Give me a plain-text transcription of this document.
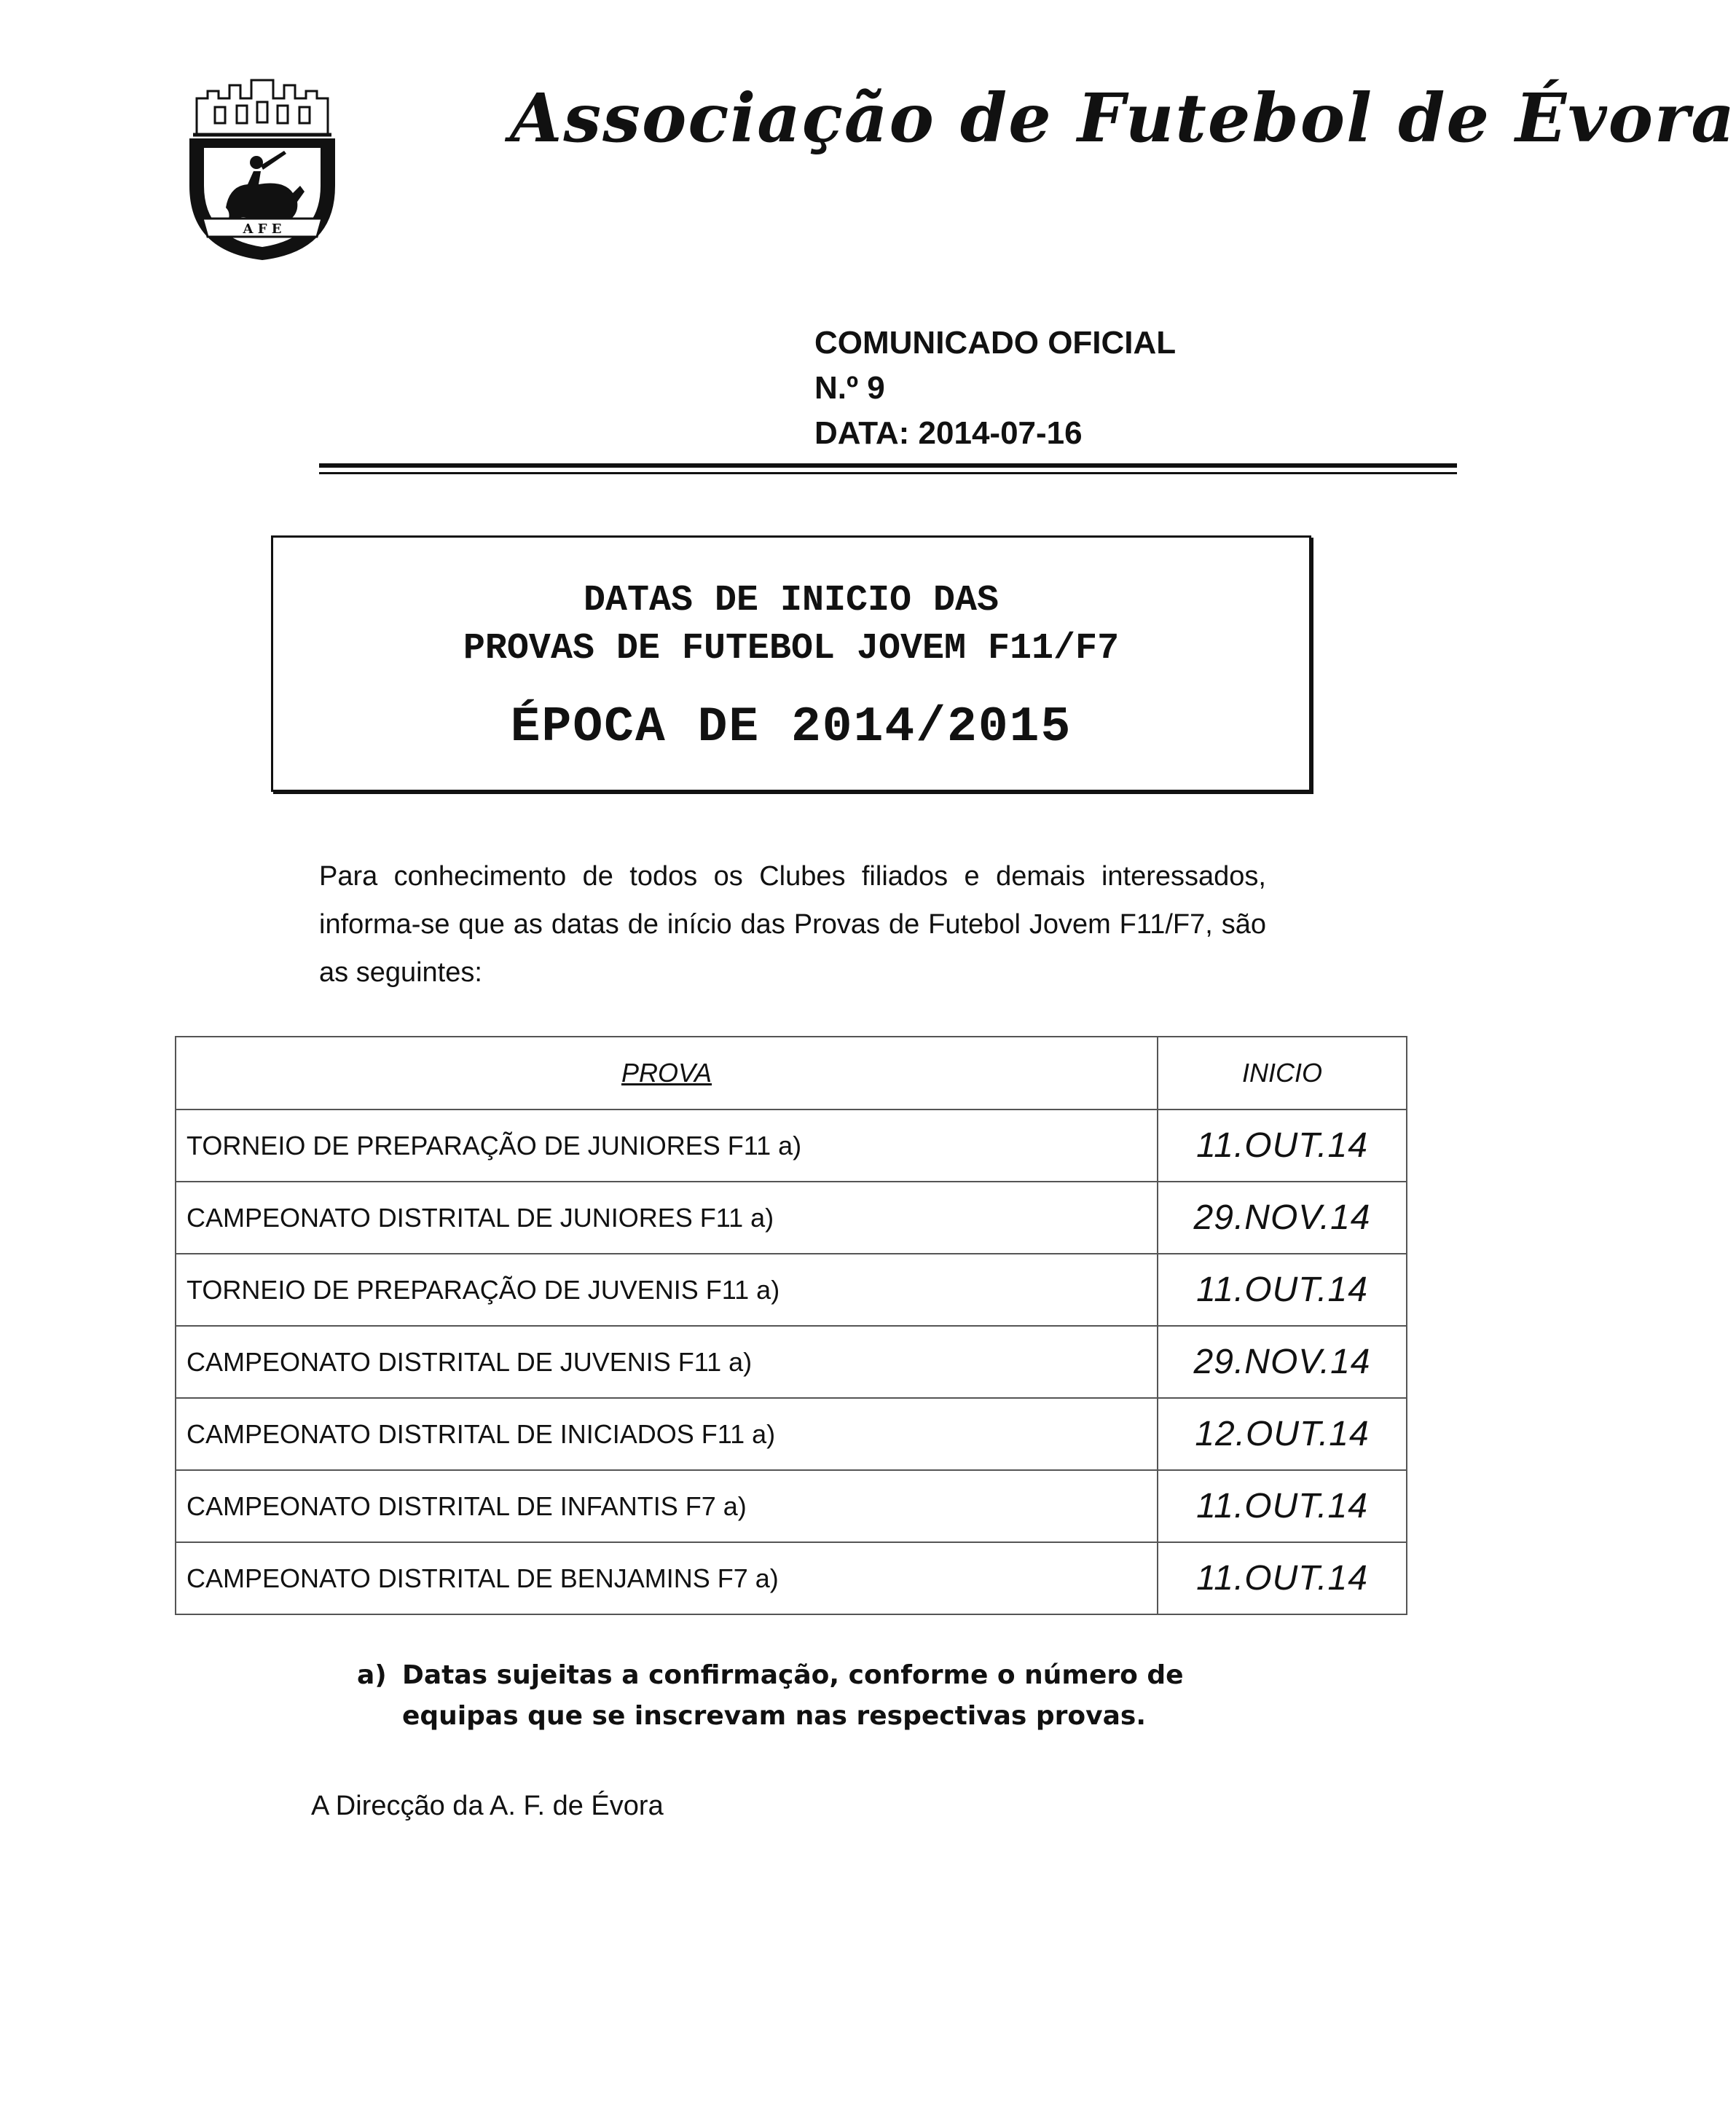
A F E
Associação de Futebol de Évora
COMUNICADO OFICIAL
N.º 9
DATA: 2014-07-16
DATAS DE INICIO DAS
PROVAS DE FUTEBOL JOVEM F11/F7
ÉPOCA DE 2014/2015

Para conhecimento de todos os Clubes filiados e demais interessados, informa-se que as datas de início das Provas de Futebol Jovem F11/F7, são as seguintes:

PROVA	INICIO
TORNEIO DE PREPARAÇÃO DE JUNIORES F11 a)	11.OUT.14
CAMPEONATO DISTRITAL DE JUNIORES F11 a)	29.NOV.14
TORNEIO DE PREPARAÇÃO DE JUVENIS F11 a)	11.OUT.14
CAMPEONATO DISTRITAL DE JUVENIS F11 a)	29.NOV.14
CAMPEONATO DISTRITAL DE INICIADOS F11 a)	12.OUT.14
CAMPEONATO DISTRITAL DE INFANTIS F7 a)	11.OUT.14
CAMPEONATO DISTRITAL DE BENJAMINS F7 a)	11.OUT.14
a) Datas sujeitas a confirmação, conforme o número de equipas que se inscrevam nas respectivas provas.
A Direcção da A. F. de Évora
